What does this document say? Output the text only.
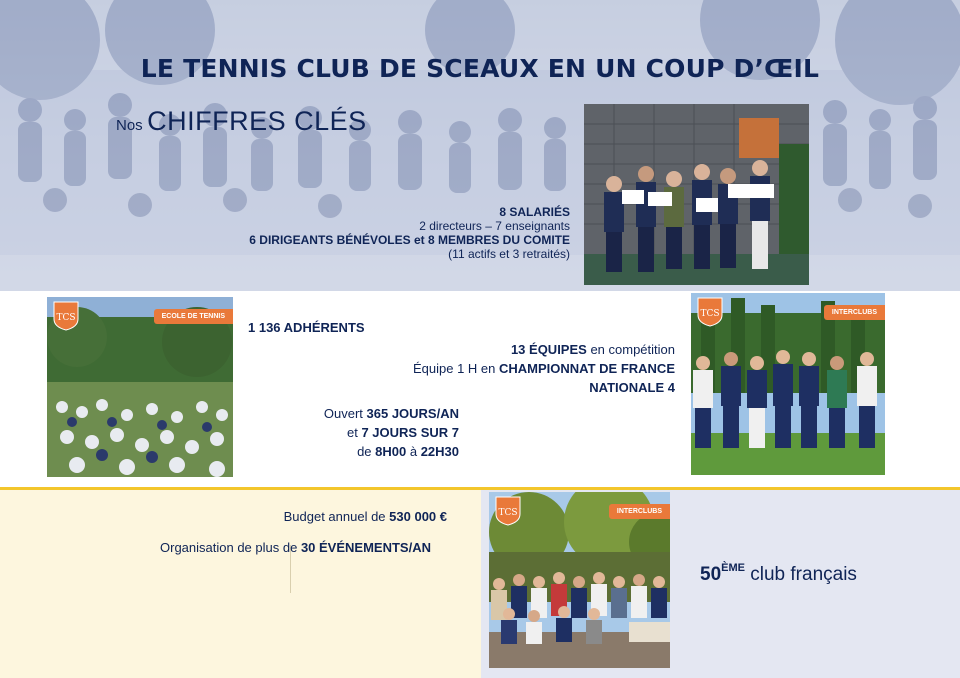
LE TENNIS CLUB DE SCEAUX EN UN COUP D’ŒIL
Nos CHIFFRES CLÉS
8 SALARIÉS
2 directeurs – 7 enseignants
6 DIRIGEANTS BÉNÉVOLES et 8 MEMBRES DU COMITE
(11 actifs et 3 retraités)
ECOLE DE TENNIS
TCS
1 136 ADHÉRENTS
13 ÉQUIPES en compétition
Équipe 1 H en CHAMPIONNAT DE FRANCE
NATIONALE 4
Ouvert 365 JOURS/AN
et 7 JOURS SUR 7
de 8H00 à 22H30
INTERCLUBS
TCS
Budget annuel de 530 000 €
Organisation de plus de 30 ÉVÉNEMENTS/AN
INTERCLUBS
TCS
50ÈME club français
